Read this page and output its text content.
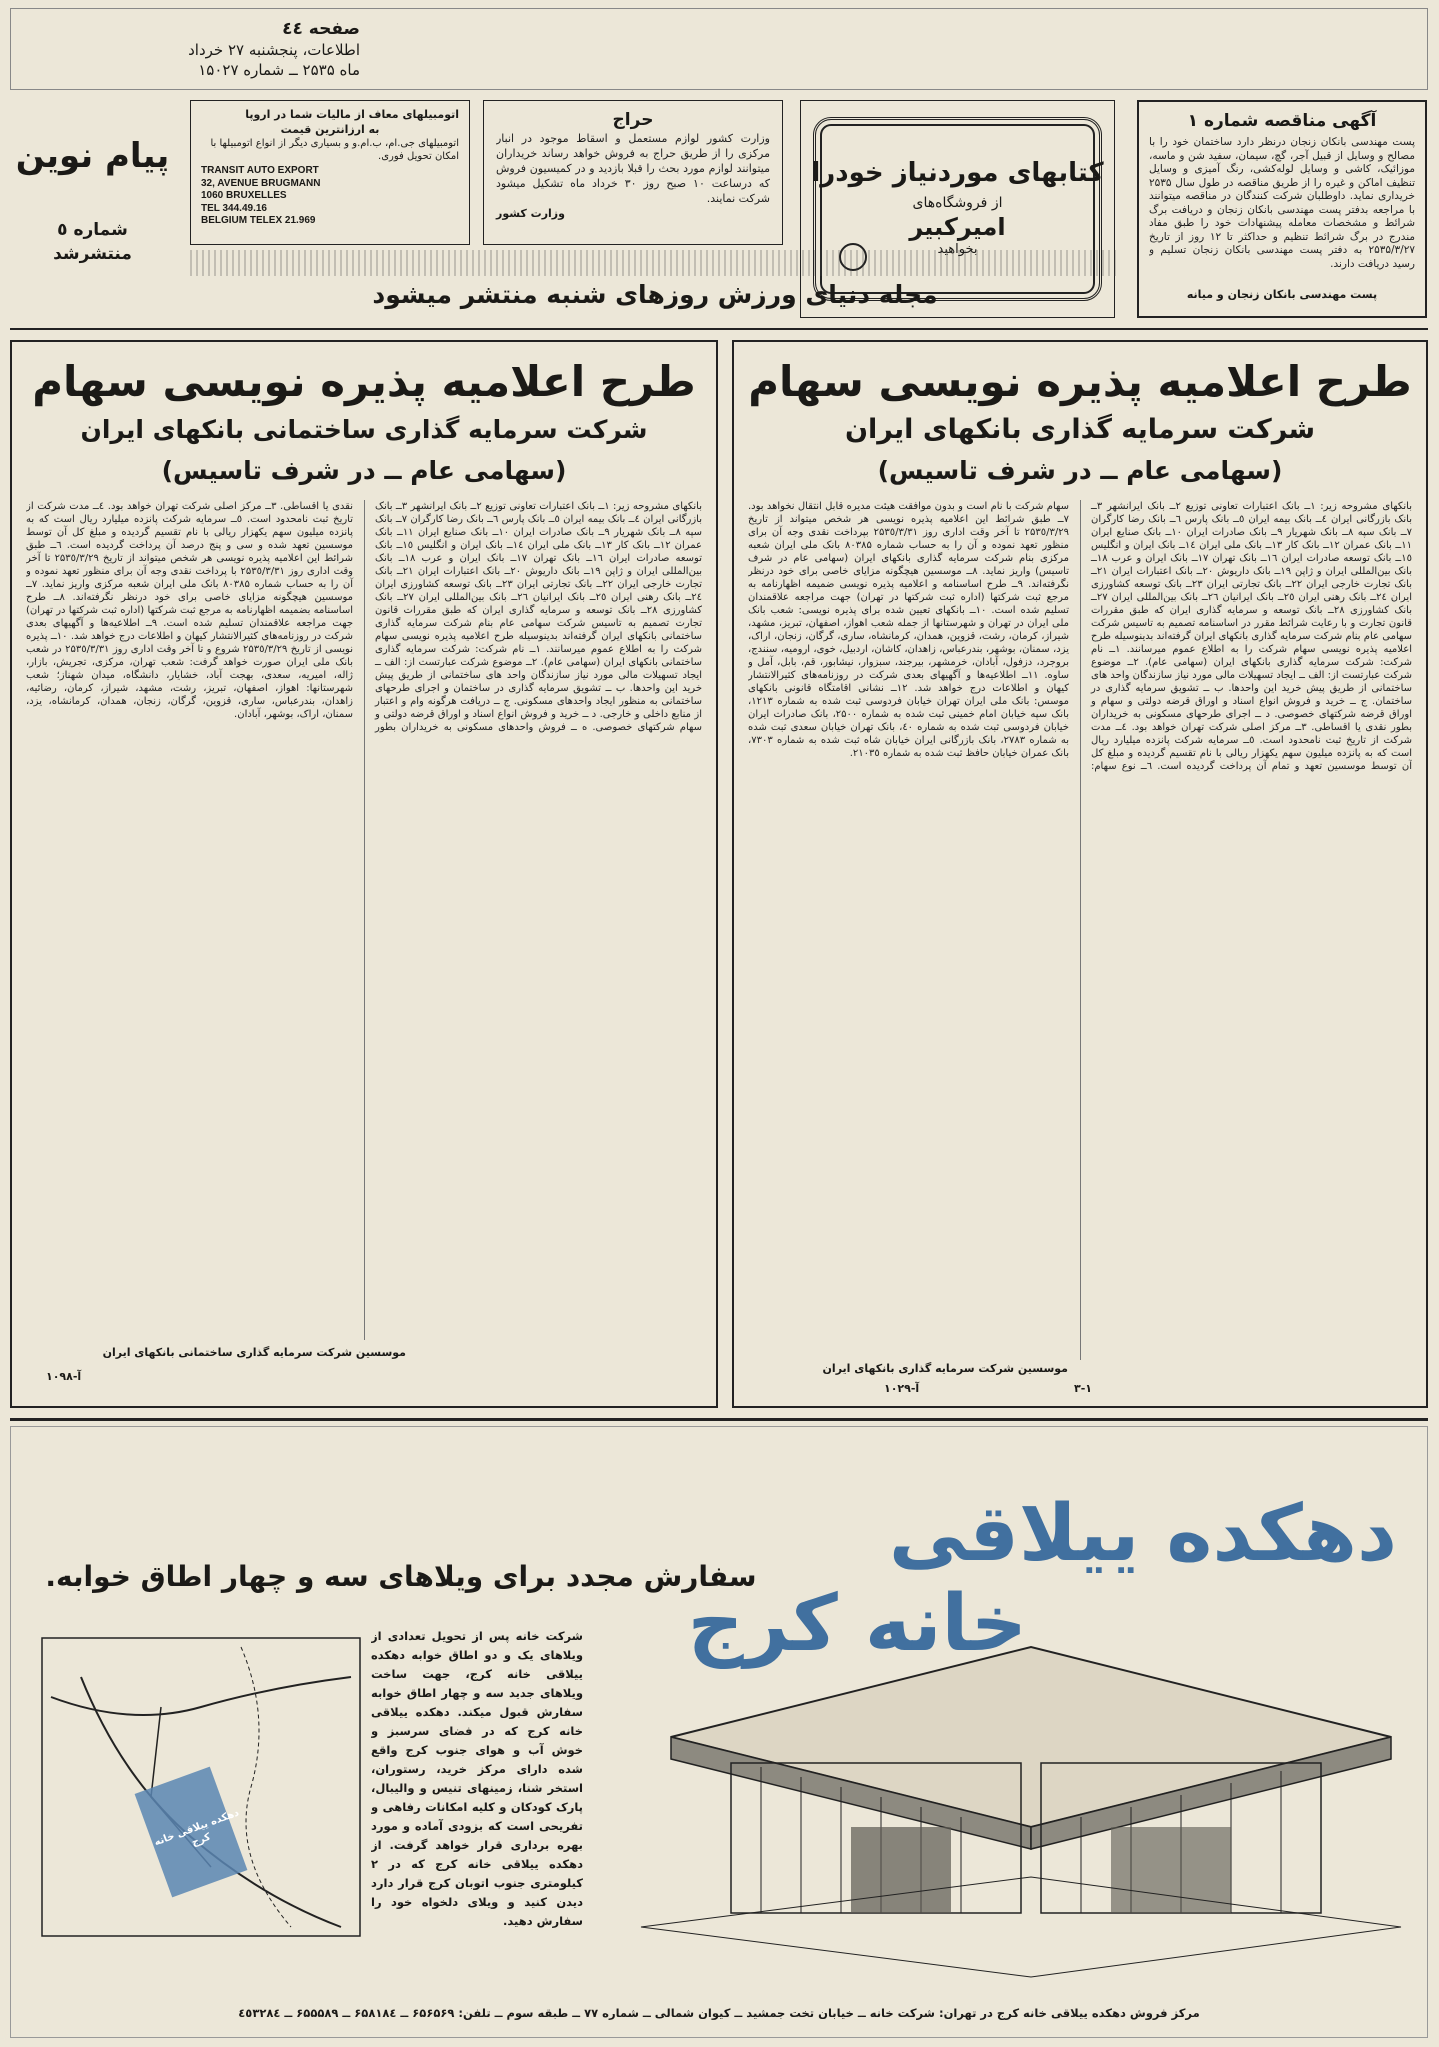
صفحه ٤٤
اطلاعات، پنجشنبه ۲۷ خرداد
ماه ۲۵۳۵ ــ شماره ۱۵۰۲۷
آگهی مناقصه شماره ۱
پست مهندسی بانکان زنجان درنظر دارد ساختمان خود را با مصالح و وسایل از قبیل آجر، گچ، سیمان، سفید شن و ماسه، موزائیک، کاشی و وسایل لوله‌کشی، رنگ آمیزی و وسایل تنظیف اماکن و غیره را از طریق مناقصه در طول سال ۲۵۳۵ خریداری نماید. داوطلبان شرکت کنندگان در مناقصه میتوانند با مراجعه بدفتر پست مهندسی بانکان زنجان و دریافت برگ شرائط و مشخصات معامله پیشنهادات خود را طبق مفاد مندرج در برگ شرائط تنظیم و حداکثر تا ۱۲ روز از تاریخ ۲۵۳۵/۳/۲۷ به دفتر پست مهندسی بانکان زنجان تسلیم و رسید دریافت دارند.
پست مهندسی بانکان زنجان و میانه
کتابهای موردنیاز خودرا
از فروشگاه‌های
امیرکبیر
بخواهید
حراج
وزارت کشور لوازم مستعمل و اسقاط موجود در انبار مرکزی را از طریق حراج به فروش خواهد رساند خریداران میتوانند لوازم مورد بحث را قبلا بازدید و در کمیسیون فروش که درساعت ۱۰ صبح روز ۳۰ خرداد ماه تشکیل میشود شرکت نمایند.
وزارت کشور
اتومبیلهای معاف از مالیات شما در اروپا
به ارزانترین قیمت
اتومبیلهای جی.ام، ب.ام.و و بسیاری دیگر از انواع اتومبیلها با امکان تحویل فوری.
TRANSIT AUTO EXPORT
32, AVENUE BRUGMANN
1060 BRUXELLES
TEL 344.49.16
BELGIUM TELEX 21.969
پیام نوین
شماره ٥
منتشرشد
مجله دنیای ورزش روزهای شنبه منتشر میشود
طرح اعلامیه پذیره نویسی سهام
شرکت سرمایه گذاری بانکهای ایران
(سهامی عام ــ در شرف تاسیس)
بانکهای مشروحه زیر: ۱ــ بانک اعتبارات تعاونی توزیع ۲ــ بانک ایرانشهر ۳ــ بانک بازرگانی ایران ٤ــ بانک بیمه ایران ٥ــ بانک پارس ٦ــ بانک رضا کارگران ۷ــ بانک سپه ۸ــ بانک شهریار ۹ــ بانک صادرات ایران ۱۰ــ بانک صنایع ایران ۱۱ــ بانک عمران ۱۲ــ بانک کار ۱۳ــ بانک ملی ایران ۱٤ــ بانک ایران و انگلیس ۱٥ــ بانک توسعه صادرات ایران ۱٦ــ بانک تهران ۱۷ــ بانک ایران و عرب ۱۸ــ بانک بین‌المللی ایران و ژاپن ۱۹ــ بانک داریوش ۲۰ــ بانک اعتبارات ایران ۲۱ــ بانک تجارت خارجی ایران ۲۲ــ بانک تجارتی ایران ۲۳ــ بانک توسعه کشاورزی ایران ۲٤ــ بانک رهنی ایران ۲٥ــ بانک ایرانیان ۲٦ــ بانک بین‌المللی ایران ۲۷ــ بانک کشاورزی ۲۸ــ بانک توسعه و سرمایه گذاری ایران که طبق مقررات قانون تجارت و با رعایت شرائط مقرر در اساسنامه تصمیم به تاسیس شرکت سهامی عام بنام شرکت سرمایه گذاری بانکهای ایران گرفته‌اند بدینوسیله طرح اعلامیه پذیره نویسی سهام شرکت را به اطلاع عموم میرسانند. ۱ــ نام شرکت: شرکت سرمایه گذاری بانکهای ایران (سهامی عام). ۲ــ موضوع شرکت عبارتست از: الف ــ ایجاد تسهیلات مالی مورد نیاز سازندگان واحد های ساختمانی از طریق پیش خرید این واحدها. ب ــ تشویق سرمایه گذاری در ساختمان. ج ــ خرید و فروش انواع اسناد و اوراق قرضه دولتی و سهام و اوراق قرضه شرکتهای خصوصی. د ــ اجرای طرحهای مسکونی به خریداران بطور نقدی یا اقساطی. ۳ــ مرکز اصلی شرکت تهران خواهد بود. ٤ــ مدت شرکت از تاریخ ثبت نامحدود است. ٥ــ سرمایه شرکت پانزده میلیارد ریال است که به پانزده میلیون سهم یکهزار ریالی با نام تقسیم گردیده و مبلغ کل آن توسط موسسین تعهد و تمام آن پرداخت گردیده است. ٦ــ نوع سهام: سهام شرکت با نام است و بدون موافقت هیئت مدیره قابل انتقال نخواهد بود. ۷ــ طبق شرائط این اعلامیه پذیره نویسی هر شخص میتواند از تاریخ ۲۵۳٥/۳/۲۹ تا آخر وقت اداری روز ۲۵۳٥/۳/۳۱ بپرداخت نقدی وجه آن برای منظور تعهد نموده و آن را به حساب شماره ۸۰۳۸۵ بانک ملی ایران شعبه مرکزی بنام شرکت سرمایه گذاری بانکهای ایران (سهامی عام در شرف تاسیس) واریز نماید. ۸ــ موسسین هیچگونه مزایای خاصی برای خود درنظر نگرفته‌اند. ۹ــ طرح اساسنامه و اعلامیه پذیره نویسی ضمیمه اظهارنامه به مرجع ثبت شرکتها (اداره ثبت شرکتها در تهران) جهت مراجعه علاقمندان تسلیم شده است. ۱۰ــ بانکهای تعیین شده برای پذیره نویسی: شعب بانک ملی ایران در تهران و شهرستانها از جمله شعب اهواز، اصفهان، تبریز، مشهد، شیراز، کرمان، رشت، قزوین، همدان، کرمانشاه، ساری، گرگان، زنجان، اراک، یزد، سمنان، بوشهر، بندرعباس، زاهدان، کاشان، اردبیل، خوی، ارومیه، سنندج، بروجرد، دزفول، آبادان، خرمشهر، بیرجند، سبزوار، نیشابور، قم، بابل، آمل و ساوه. ۱۱ــ اطلاعیه‌ها و آگهیهای بعدی شرکت در روزنامه‌های کثیرالانتشار کیهان و اطلاعات درج خواهد شد. ۱۲ــ نشانی اقامتگاه قانونی بانکهای موسس: بانک ملی ایران تهران خیابان فردوسی ثبت شده به شماره ۱۲۱۳، بانک سپه خیابان امام خمینی ثبت شده به شماره ۲۵۰۰، بانک صادرات ایران خیابان فردوسی ثبت شده به شماره ٤۰، بانک تهران خیابان سعدی ثبت شده به شماره ۲۷۸۳، بانک بازرگانی ایران خیابان شاه ثبت شده به شماره ۷۳۰۳، بانک عمران خیابان حافظ ثبت شده به شماره ۲۱۰۳٥.
موسسین شرکت سرمایه گذاری بانکهای ایران
۳-۱
آ-۱۰۲۹
طرح اعلامیه پذیره نویسی سهام
شرکت سرمایه گذاری ساختمانی بانکهای ایران
(سهامی عام ــ در شرف تاسیس)
بانکهای مشروحه زیر: ۱ــ بانک اعتبارات تعاونی توزیع ۲ــ بانک ایرانشهر ۳ــ بانک بازرگانی ایران ٤ــ بانک بیمه ایران ٥ــ بانک پارس ٦ــ بانک رضا کارگران ۷ــ بانک سپه ۸ــ بانک شهریار ۹ــ بانک صادرات ایران ۱۰ــ بانک صنایع ایران ۱۱ــ بانک عمران ۱۲ــ بانک کار ۱۳ــ بانک ملی ایران ۱٤ــ بانک ایران و انگلیس ۱٥ــ بانک توسعه صادرات ایران ۱٦ــ بانک تهران ۱۷ــ بانک ایران و عرب ۱۸ــ بانک بین‌المللی ایران و ژاپن ۱۹ــ بانک داریوش ۲۰ــ بانک اعتبارات ایران ۲۱ــ بانک تجارت خارجی ایران ۲۲ــ بانک تجارتی ایران ۲۳ــ بانک توسعه کشاورزی ایران ۲٤ــ بانک رهنی ایران ۲٥ــ بانک ایرانیان ۲٦ــ بانک بین‌المللی ایران ۲۷ــ بانک کشاورزی ۲۸ــ بانک توسعه و سرمایه گذاری ایران که طبق مقررات قانون تجارت تصمیم به تاسیس شرکت سهامی عام بنام شرکت سرمایه گذاری ساختمانی بانکهای ایران گرفته‌اند بدینوسیله طرح اعلامیه پذیره نویسی سهام شرکت را به اطلاع عموم میرسانند. ۱ــ نام شرکت: شرکت سرمایه گذاری ساختمانی بانکهای ایران (سهامی عام). ۲ــ موضوع شرکت عبارتست از: الف ــ ایجاد تسهیلات مالی مورد نیاز سازندگان واحد های ساختمانی از طریق پیش خرید این واحدها. ب ــ تشویق سرمایه گذاری در ساختمان و اجرای طرحهای ساختمانی به منظور ایجاد واحدهای مسکونی. ج ــ دریافت هرگونه وام و اعتبار از منابع داخلی و خارجی. د ــ خرید و فروش انواع اسناد و اوراق قرضه دولتی و سهام شرکتهای خصوصی. ه ــ فروش واحدهای مسکونی به خریداران بطور نقدی یا اقساطی. ۳ــ مرکز اصلی شرکت تهران خواهد بود. ٤ــ مدت شرکت از تاریخ ثبت نامحدود است. ٥ــ سرمایه شرکت پانزده میلیارد ریال است که به پانزده میلیون سهم یکهزار ریالی با نام تقسیم گردیده و مبلغ کل آن توسط موسسین تعهد شده و سی و پنج درصد آن پرداخت گردیده است. ٦ــ طبق شرائط این اعلامیه پذیره نویسی هر شخص میتواند از تاریخ ۲۵۳٥/۳/۲۹ تا آخر وقت اداری روز ۲۵۳٥/۳/۳۱ با پرداخت نقدی وجه آن برای منظور تعهد نموده و آن را به حساب شماره ۸۰۳۸۵ بانک ملی ایران شعبه مرکزی واریز نماید. ۷ــ موسسین هیچگونه مزایای خاصی برای خود درنظر نگرفته‌اند. ۸ــ طرح اساسنامه بضمیمه اظهارنامه به مرجع ثبت شرکتها (اداره ثبت شرکتها در تهران) جهت مراجعه علاقمندان تسلیم شده است. ۹ــ اطلاعیه‌ها و آگهیهای بعدی شرکت در روزنامه‌های کثیرالانتشار کیهان و اطلاعات درج خواهد شد. ۱۰ــ پذیره نویسی از تاریخ ۲۵۳٥/۳/۲۹ شروع و تا آخر وقت اداری روز ۲۵۳٥/۳/۳۱ در شعب بانک ملی ایران صورت خواهد گرفت: شعب تهران، مرکزی، تجریش، بازار، ژاله، امیریه، سعدی، بهجت آباد، خشایار، دانشگاه، میدان شهناز؛ شعب شهرستانها: اهواز، اصفهان، تبریز، رشت، مشهد، شیراز، کرمان، رضائیه، زاهدان، بندرعباس، ساری، قزوین، گرگان، زنجان، همدان، کرمانشاه، یزد، سمنان، اراک، بوشهر، آبادان.
موسسین شرکت سرمایه گذاری ساختمانی بانکهای ایران
آ-۱۰۹۸
دهکده ییلاقی
خانه کرج
سفارش مجدد برای ویلاهای سه و چهار اطاق خوابه.
شرکت خانه پس از تحویل تعدادی از ویلاهای یک و دو اطاق خوابه دهکده ییلاقی خانه کرج، جهت ساخت ویلاهای جدید سه و چهار اطاق خوابه سفارش قبول میکند. دهکده ییلاقی خانه کرج که در فضای سرسبز و خوش آب و هوای جنوب کرج واقع شده دارای مرکز خرید، رستوران، استخر شنا، زمینهای تنیس و والیبال، پارک کودکان و کلیه امکانات رفاهی و تفریحی است که بزودی آماده و مورد بهره برداری قرار خواهد گرفت. از دهکده ییلاقی خانه کرج که در ۲ کیلومتری جنوب اتوبان کرج قرار دارد دیدن کنید و ویلای دلخواه خود را سفارش دهید.
دهکده ییلاقی خانه کرج
مرکز فروش دهکده ییلاقی خانه کرج در تهران: شرکت خانه ــ خیابان تخت جمشید ــ کیوان شمالی ــ شماره ۷۷ ــ طبقه سوم ــ تلفن: ۶۵۶۵۶۹ ــ ۶۵۸۱۸٤ ــ ۶۵۵۵۸۹ ــ ٤٥۳۲۸٤
